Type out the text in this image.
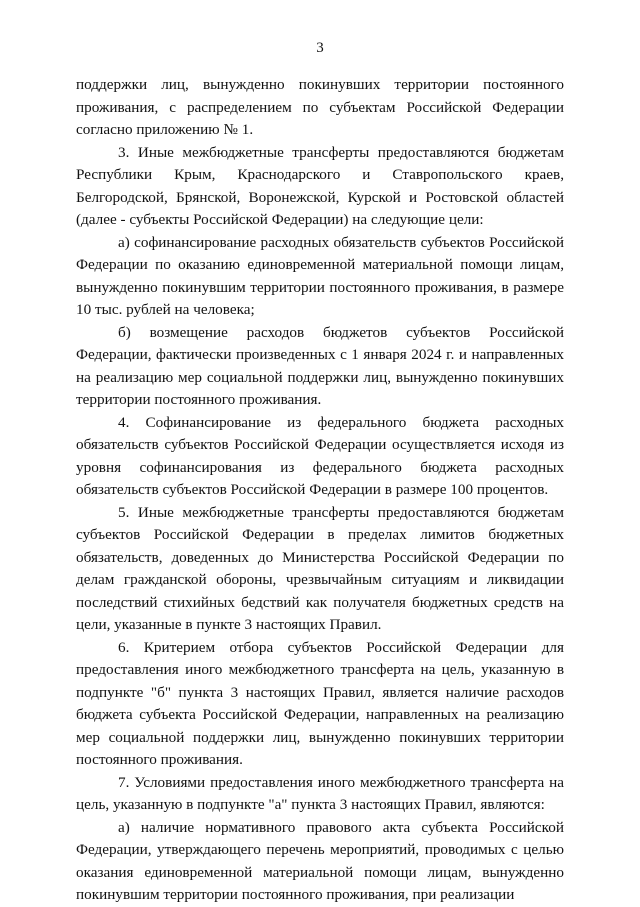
3

поддержки лиц, вынужденно покинувших территории постоянного проживания, с распределением по субъектам Российской Федерации согласно приложению № 1.

3. Иные межбюджетные трансферты предоставляются бюджетам Республики Крым, Краснодарского и Ставропольского краев, Белгородской, Брянской, Воронежской, Курской и Ростовской областей (далее - субъекты Российской Федерации) на следующие цели:

а) софинансирование расходных обязательств субъектов Российской Федерации по оказанию единовременной материальной помощи лицам, вынужденно покинувшим территории постоянного проживания, в размере 10 тыс. рублей на человека;

б) возмещение расходов бюджетов субъектов Российской Федерации, фактически произведенных с 1 января 2024 г. и направленных на реализацию мер социальной поддержки лиц, вынужденно покинувших территории постоянного проживания.

4. Софинансирование из федерального бюджета расходных обязательств субъектов Российской Федерации осуществляется исходя из уровня софинансирования из федерального бюджета расходных обязательств субъектов Российской Федерации в размере 100 процентов.

5. Иные межбюджетные трансферты предоставляются бюджетам субъектов Российской Федерации в пределах лимитов бюджетных обязательств, доведенных до Министерства Российской Федерации по делам гражданской обороны, чрезвычайным ситуациям и ликвидации последствий стихийных бедствий как получателя бюджетных средств на цели, указанные в пункте 3 настоящих Правил.

6. Критерием отбора субъектов Российской Федерации для предоставления иного межбюджетного трансферта на цель, указанную в подпункте "б" пункта 3 настоящих Правил, является наличие расходов бюджета субъекта Российской Федерации, направленных на реализацию мер социальной поддержки лиц, вынужденно покинувших территории постоянного проживания.

7. Условиями предоставления иного межбюджетного трансферта на цель, указанную в подпункте "а" пункта 3 настоящих Правил, являются:

а) наличие нормативного правового акта субъекта Российской Федерации, утверждающего перечень мероприятий, проводимых с целью оказания единовременной материальной помощи лицам, вынужденно покинувшим территории постоянного проживания, при реализации
